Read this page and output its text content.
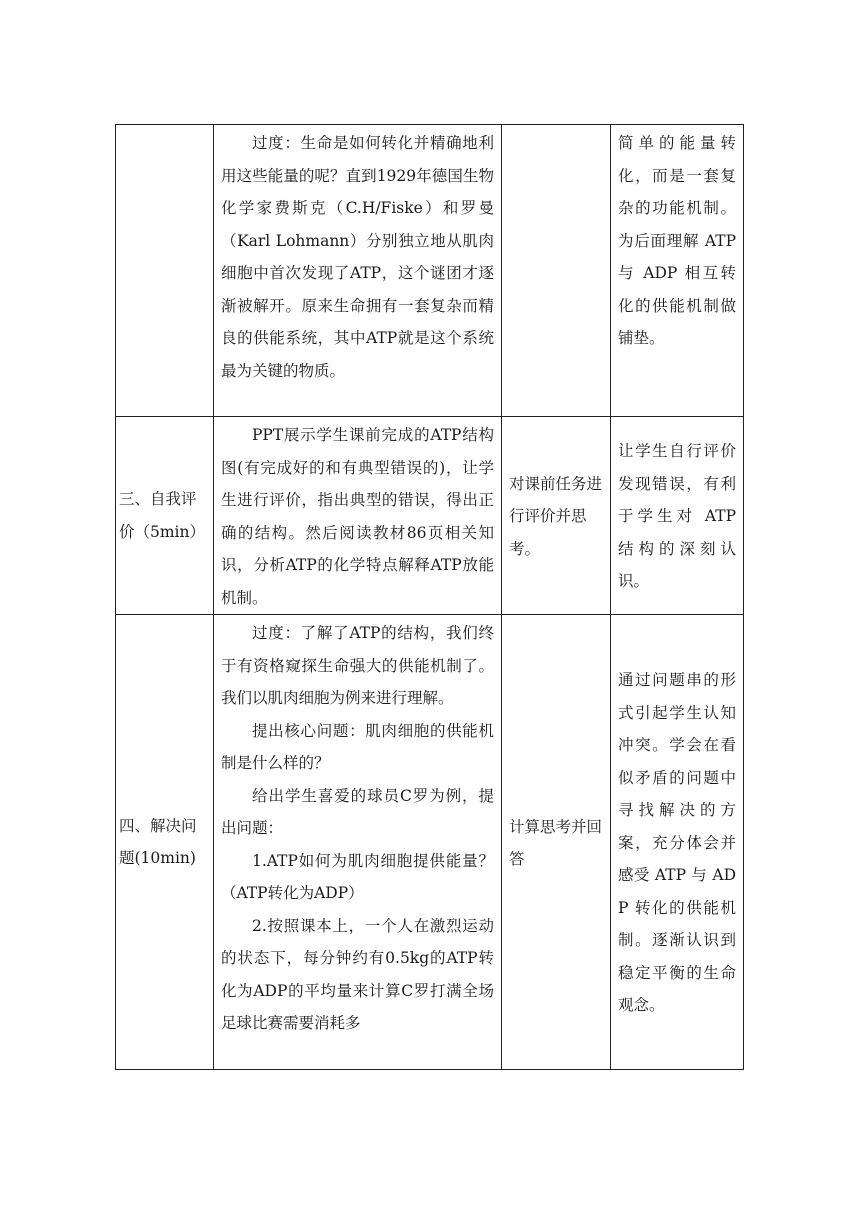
	过度：生命是如何转化并精确地利用这些能量的呢？直到1929年德国生物化学家费斯克（C.H/Fiske）和罗曼（Karl Lohmann）分别独立地从肌肉细胞中首次发现了ATP，这个谜团才逐渐被解开。原来生命拥有一套复杂而精良的供能系统，其中ATP就是这个系统最为关键的物质。		简单的能量转化，而是一套复杂的功能机制。为后面理解 ATP 与 ADP 相互转化的供能机制做铺垫。
三、自我评价（5min）	PPT展示学生课前完成的ATP结构图(有完成好的和有典型错误的)，让学生进行评价，指出典型的错误，得出正确的结构。然后阅读教材86页相关知识，分析ATP的化学特点解释ATP放能机制。	对课前任务进行评价并思考。	让学生自行评价发现错误，有利于学生对 ATP 结构的深刻认识。
四、解决问题(10min)	过度：了解了ATP的结构，我们终于有资格窥探生命强大的供能机制了。我们以肌肉细胞为例来进行理解。
提出核心问题：肌肉细胞的供能机制是什么样的？
给出学生喜爱的球员C罗为例，提出问题：
1.ATP如何为肌肉细胞提供能量？（ATP转化为ADP）
2.按照课本上，一个人在激烈运动的状态下，每分钟约有0.5kg的ATP转化为ADP的平均量来计算C罗打满全场足球比赛需要消耗多	计算思考并回答	通过问题串的形式引起学生认知冲突。学会在看似矛盾的问题中寻找解决的方案，充分体会并感受 ATP 与 ADP 转化的供能机制。逐渐认识到稳定平衡的生命观念。
